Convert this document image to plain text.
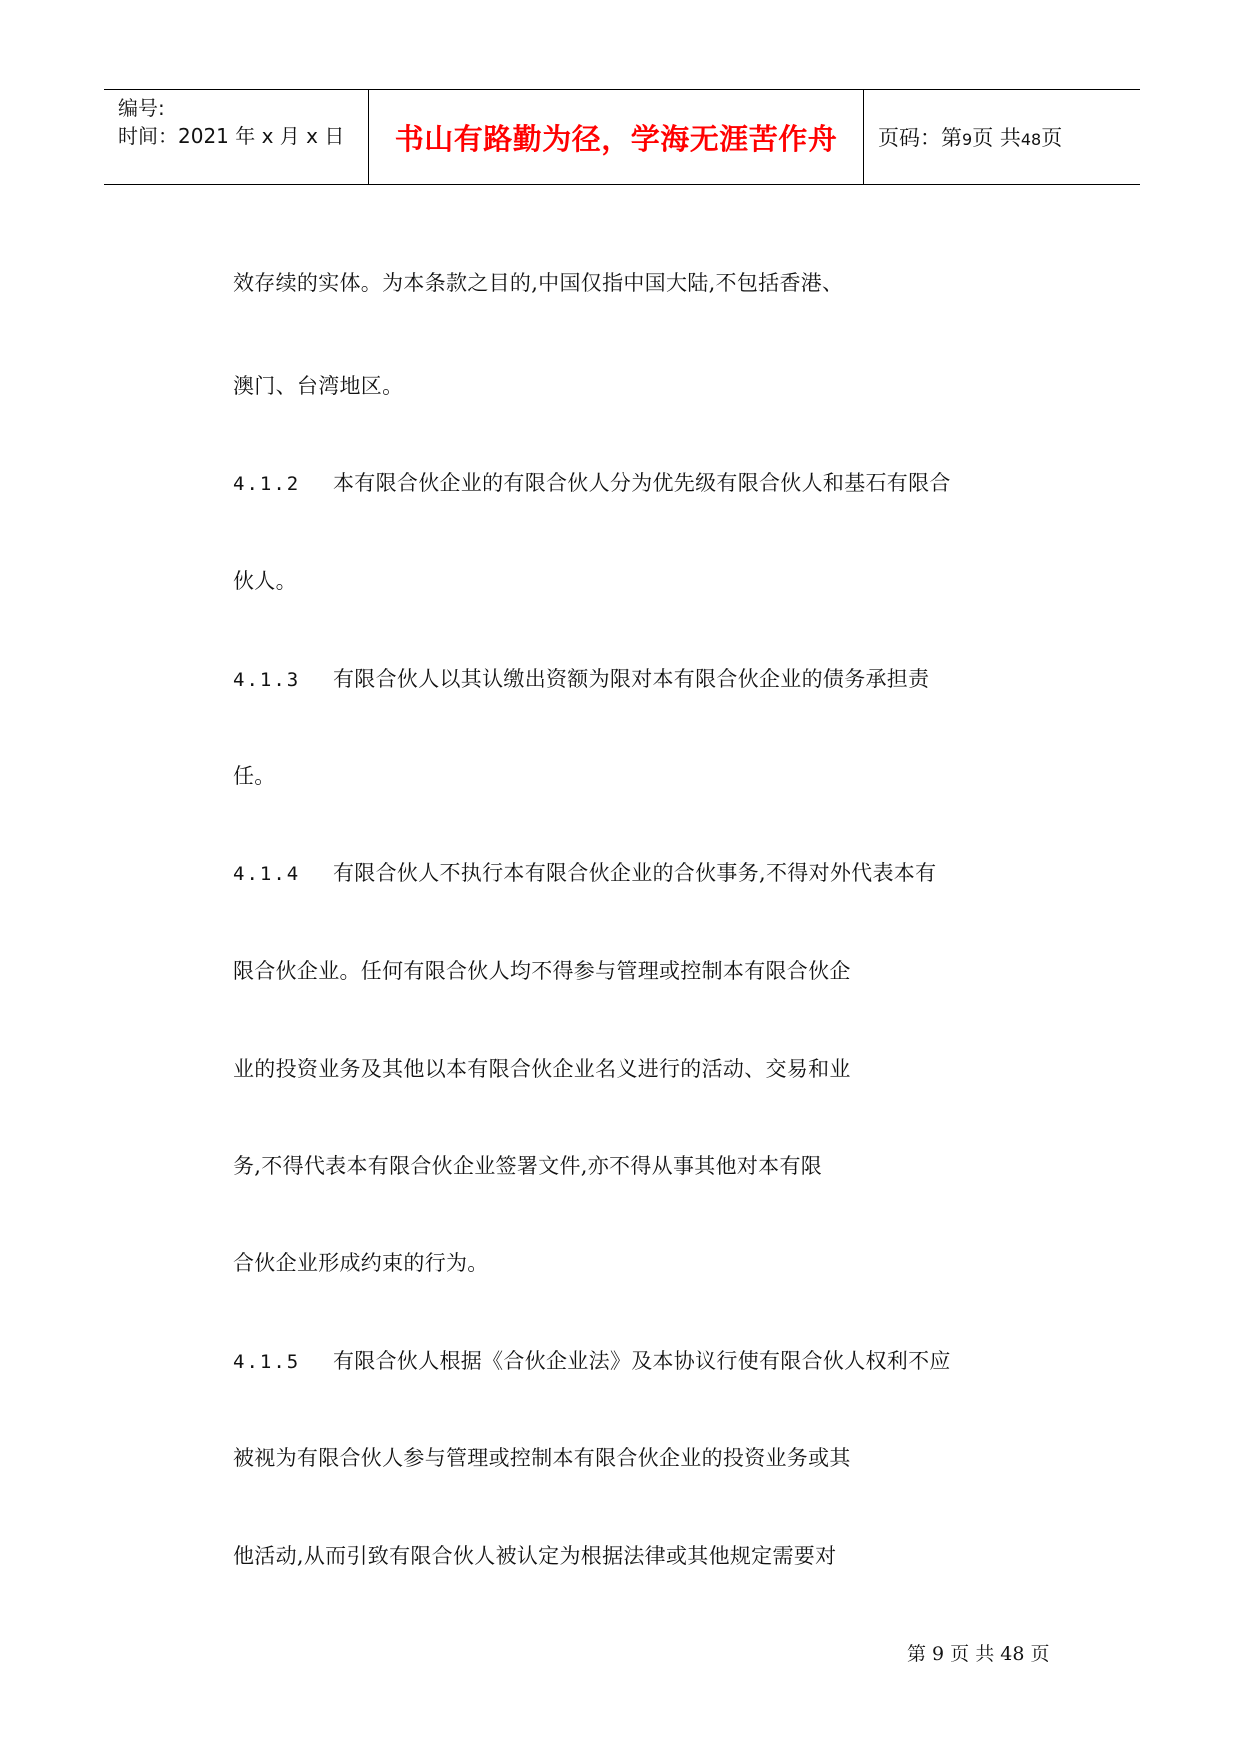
编号:
时间：2021 年 x 月 x 日 书山有路勤为径，学海无涯苦作舟	页码：第9页 共48页

效存续的实体。为本条款之目的,中国仅指中国大陆,不包括香港、

澳门、台湾地区。

4.1.2 本有限合伙企业的有限合伙人分为优先级有限合伙人和基石有限合

伙人。

4.1.3 有限合伙人以其认缴出资额为限对本有限合伙企业的债务承担责

任。

4.1.4 有限合伙人不执行本有限合伙企业的合伙事务,不得对外代表本有

限合伙企业。任何有限合伙人均不得参与管理或控制本有限合伙企

业的投资业务及其他以本有限合伙企业名义进行的活动、交易和业

务,不得代表本有限合伙企业签署文件,亦不得从事其他对本有限

合伙企业形成约束的行为。

4.1.5 有限合伙人根据《合伙企业法》及本协议行使有限合伙人权利不应

被视为有限合伙人参与管理或控制本有限合伙企业的投资业务或其

他活动,从而引致有限合伙人被认定为根据法律或其他规定需要对

第 9 页 共 48 页
